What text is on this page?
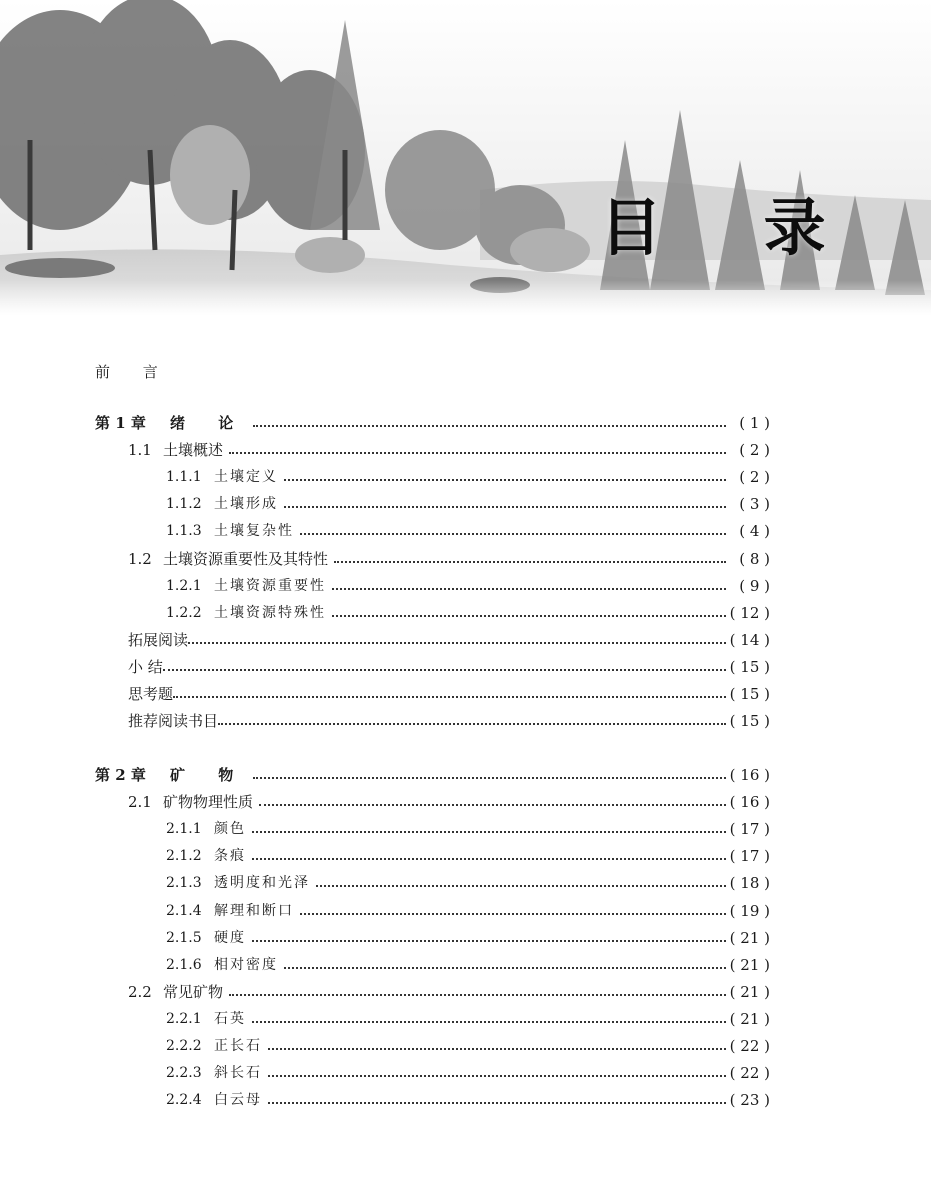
目 录
前 言
第 1 章 绪 论	( 1 )
1.1 土壤概述	( 2 )
1.1.1 土壤定义	( 2 )
1.1.2 土壤形成	( 3 )
1.1.3 土壤复杂性	( 4 )
1.2 土壤资源重要性及其特性	( 8 )
1.2.1 土壤资源重要性	( 9 )
1.2.2 土壤资源特殊性	( 12 )
拓展阅读	( 14 )
小 结	( 15 )
思考题	( 15 )
推荐阅读书目	( 15 )
第 2 章 矿 物	( 16 )
2.1 矿物物理性质	( 16 )
2.1.1 颜色	( 17 )
2.1.2 条痕	( 17 )
2.1.3 透明度和光泽	( 18 )
2.1.4 解理和断口	( 19 )
2.1.5 硬度	( 21 )
2.1.6 相对密度	( 21 )
2.2 常见矿物	( 21 )
2.2.1 石英	( 21 )
2.2.2 正长石	( 22 )
2.2.3 斜长石	( 22 )
2.2.4 白云母	( 23 )
